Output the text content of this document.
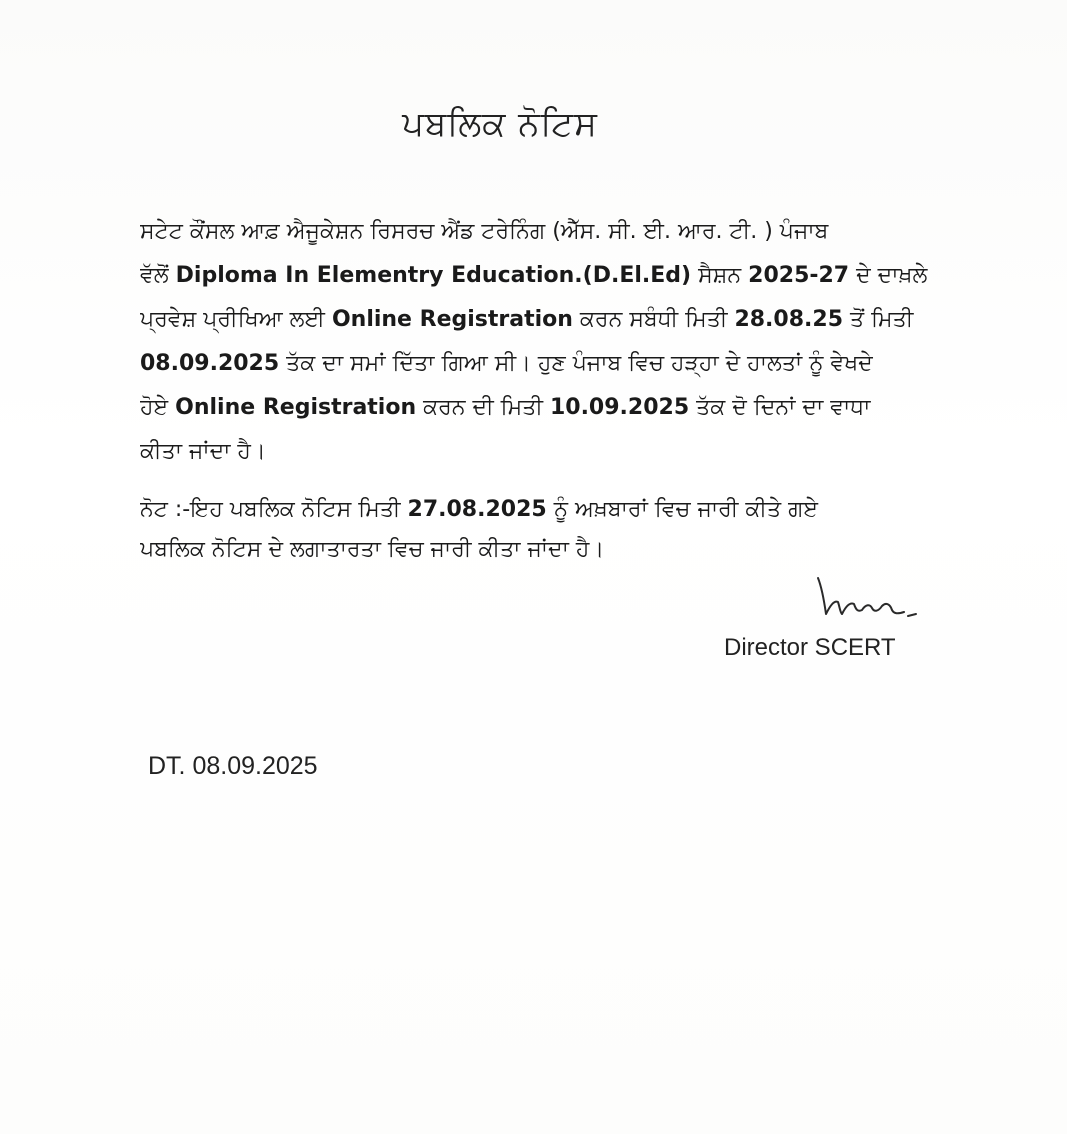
ਪਬਲਿਕ ਨੋਟਿਸ
ਸਟੇਟ ਕੌਂਸਲ ਆਫ਼ ਐਜੂਕੇਸ਼ਨ ਰਿਸਰਚ ਐਂਡ ਟਰੇਨਿੰਗ (ਐੱਸ. ਸੀ. ਈ. ਆਰ. ਟੀ. ) ਪੰਜਾਬ
ਵੱਲੋਂ Diploma In Elementry Education.(D.El.Ed) ਸੈਸ਼ਨ 2025-27 ਦੇ ਦਾਖ਼ਲੇ
ਪ੍ਰਵੇਸ਼ ਪ੍ਰੀਖਿਆ ਲਈ Online Registration ਕਰਨ ਸਬੰਧੀ ਮਿਤੀ 28.08.25 ਤੋਂ ਮਿਤੀ
08.09.2025 ਤੱਕ ਦਾ ਸਮਾਂ ਦਿੱਤਾ ਗਿਆ ਸੀ। ਹੁਣ ਪੰਜਾਬ ਵਿਚ ਹੜ੍ਹਾ ਦੇ ਹਾਲਤਾਂ ਨੂੰ ਵੇਖਦੇ
ਹੋਏ Online Registration ਕਰਨ ਦੀ ਮਿਤੀ 10.09.2025 ਤੱਕ ਦੋ ਦਿਨਾਂ ਦਾ ਵਾਧਾ
ਕੀਤਾ ਜਾਂਦਾ ਹੈ।
ਨੋਟ :-ਇਹ ਪਬਲਿਕ ਨੋਟਿਸ ਮਿਤੀ 27.08.2025 ਨੂੰ ਅਖ਼ਬਾਰਾਂ ਵਿਚ ਜਾਰੀ ਕੀਤੇ ਗਏ
ਪਬਲਿਕ ਨੋਟਿਸ ਦੇ ਲਗਾਤਾਰਤਾ ਵਿਚ ਜਾਰੀ ਕੀਤਾ ਜਾਂਦਾ ਹੈ।
Director SCERT
DT. 08.09.2025
